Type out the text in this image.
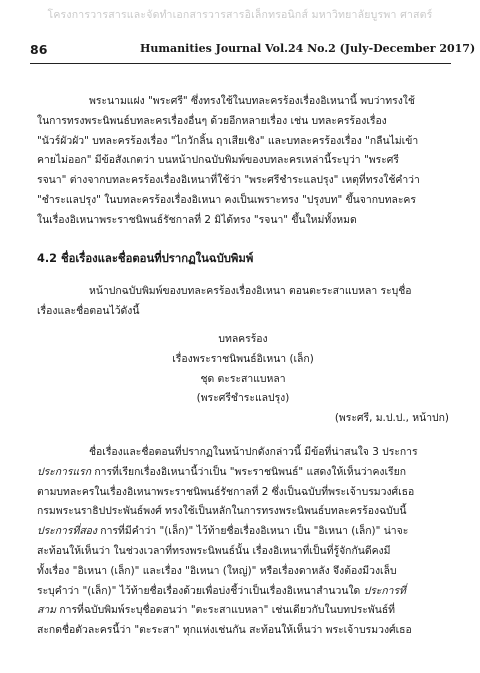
โครงการวารสารและจัดทำเอกสารวารสารอิเล็กทรอนิกส์ มหาวิทยาลัยบูรพา ศาสตร์
86	Humanities Journal Vol.24 No.2 (July-December 2017)

พระนามแฝง "พระศรี" ซึ่งทรงใช้ในบทละครร้องเรื่องอิเหนานี้ พบว่าทรงใช้

ในการทรงพระนิพนธ์บทละครเรื่องอื่นๆ ด้วยอีกหลายเรื่อง เช่น บทละครร้องเรื่อง

"นัวร์ผัวผัว" บทละครร้องเรื่อง "ไกวักลิ้น ฤาเสียเชิง" และบทละครร้องเรื่อง "กลืนไม่เข้า

คายไม่ออก" มีข้อสังเกตว่า บนหน้าปกฉบับพิมพ์ของบทละครเหล่านี้ระบุว่า "พระศรี

รจนา" ต่างจากบทละครร้องเรื่องอิเหนาที่ใช้ว่า "พระศรีชำระแลปรุง" เหตุที่ทรงใช้คำว่า

"ชำระแลปรุง" ในบทละครร้องเรื่องอิเหนา คงเป็นเพราะทรง "ปรุงบท" ขึ้นจากบทละคร

ในเรื่องอิเหนาพระราชนิพนธ์รัชกาลที่ 2 มิได้ทรง "รจนา" ขึ้นใหม่ทั้งหมด

4.2 ชื่อเรื่องและชื่อตอนที่ปรากฏในฉบับพิมพ์

หน้าปกฉบับพิมพ์ของบทละครร้องเรื่องอิเหนา ตอนตะระสาแบหลา ระบุชื่อ

เรื่องและชื่อตอนไว้ดังนี้

บทลครร้อง

เรื่องพระราชนิพนธ์อิเหนา (เล็ก)

ชุด ตะระสาแบหลา

(พระศรีชำระแลปรุง)

(พระศรี, ม.ป.ป., หน้าปก)

ชื่อเรื่องและชื่อตอนที่ปรากฏในหน้าปกดังกล่าวนี้ มีข้อที่น่าสนใจ 3 ประการ

ประการแรก การที่เรียกเรื่องอิเหนานี้ว่าเป็น "พระราชนิพนธ์" แสดงให้เห็นว่าคงเรียก

ตามบทละครในเรื่องอิเหนาพระราชนิพนธ์รัชกาลที่ 2 ซึ่งเป็นฉบับที่พระเจ้าบรมวงศ์เธอ

กรมพระนราธิปประพันธ์พงศ์ ทรงใช้เป็นหลักในการทรงพระนิพนธ์บทละครร้องฉบับนี้

ประการที่สอง การที่มีคำว่า "(เล็ก)" ไว้ท้ายชื่อเรื่องอิเหนา เป็น "อิเหนา (เล็ก)" น่าจะ

สะท้อนให้เห็นว่า ในช่วงเวลาที่ทรงพระนิพนธ์นั้น เรื่องอิเหนาที่เป็นที่รู้จักกันดีคงมี

ทั้งเรื่อง "อิเหนา (เล็ก)" และเรื่อง "อิเหนา (ใหญ่)" หรือเรื่องดาหลัง จึงต้องมีวงเล็บ

ระบุคำว่า "(เล็ก)" ไว้ท้ายชื่อเรื่องด้วยเพื่อบ่งชี้ว่าเป็นเรื่องอิเหนาสำนวนใด ประการที่

สาม การที่ฉบับพิมพ์ระบุชื่อตอนว่า "ตะระสาแบหลา" เช่นเดียวกับในบทประพันธ์ที่

สะกดชื่อตัวละครนี้ว่า "ตะระสา" ทุกแห่งเช่นกัน สะท้อนให้เห็นว่า พระเจ้าบรมวงศ์เธอ
